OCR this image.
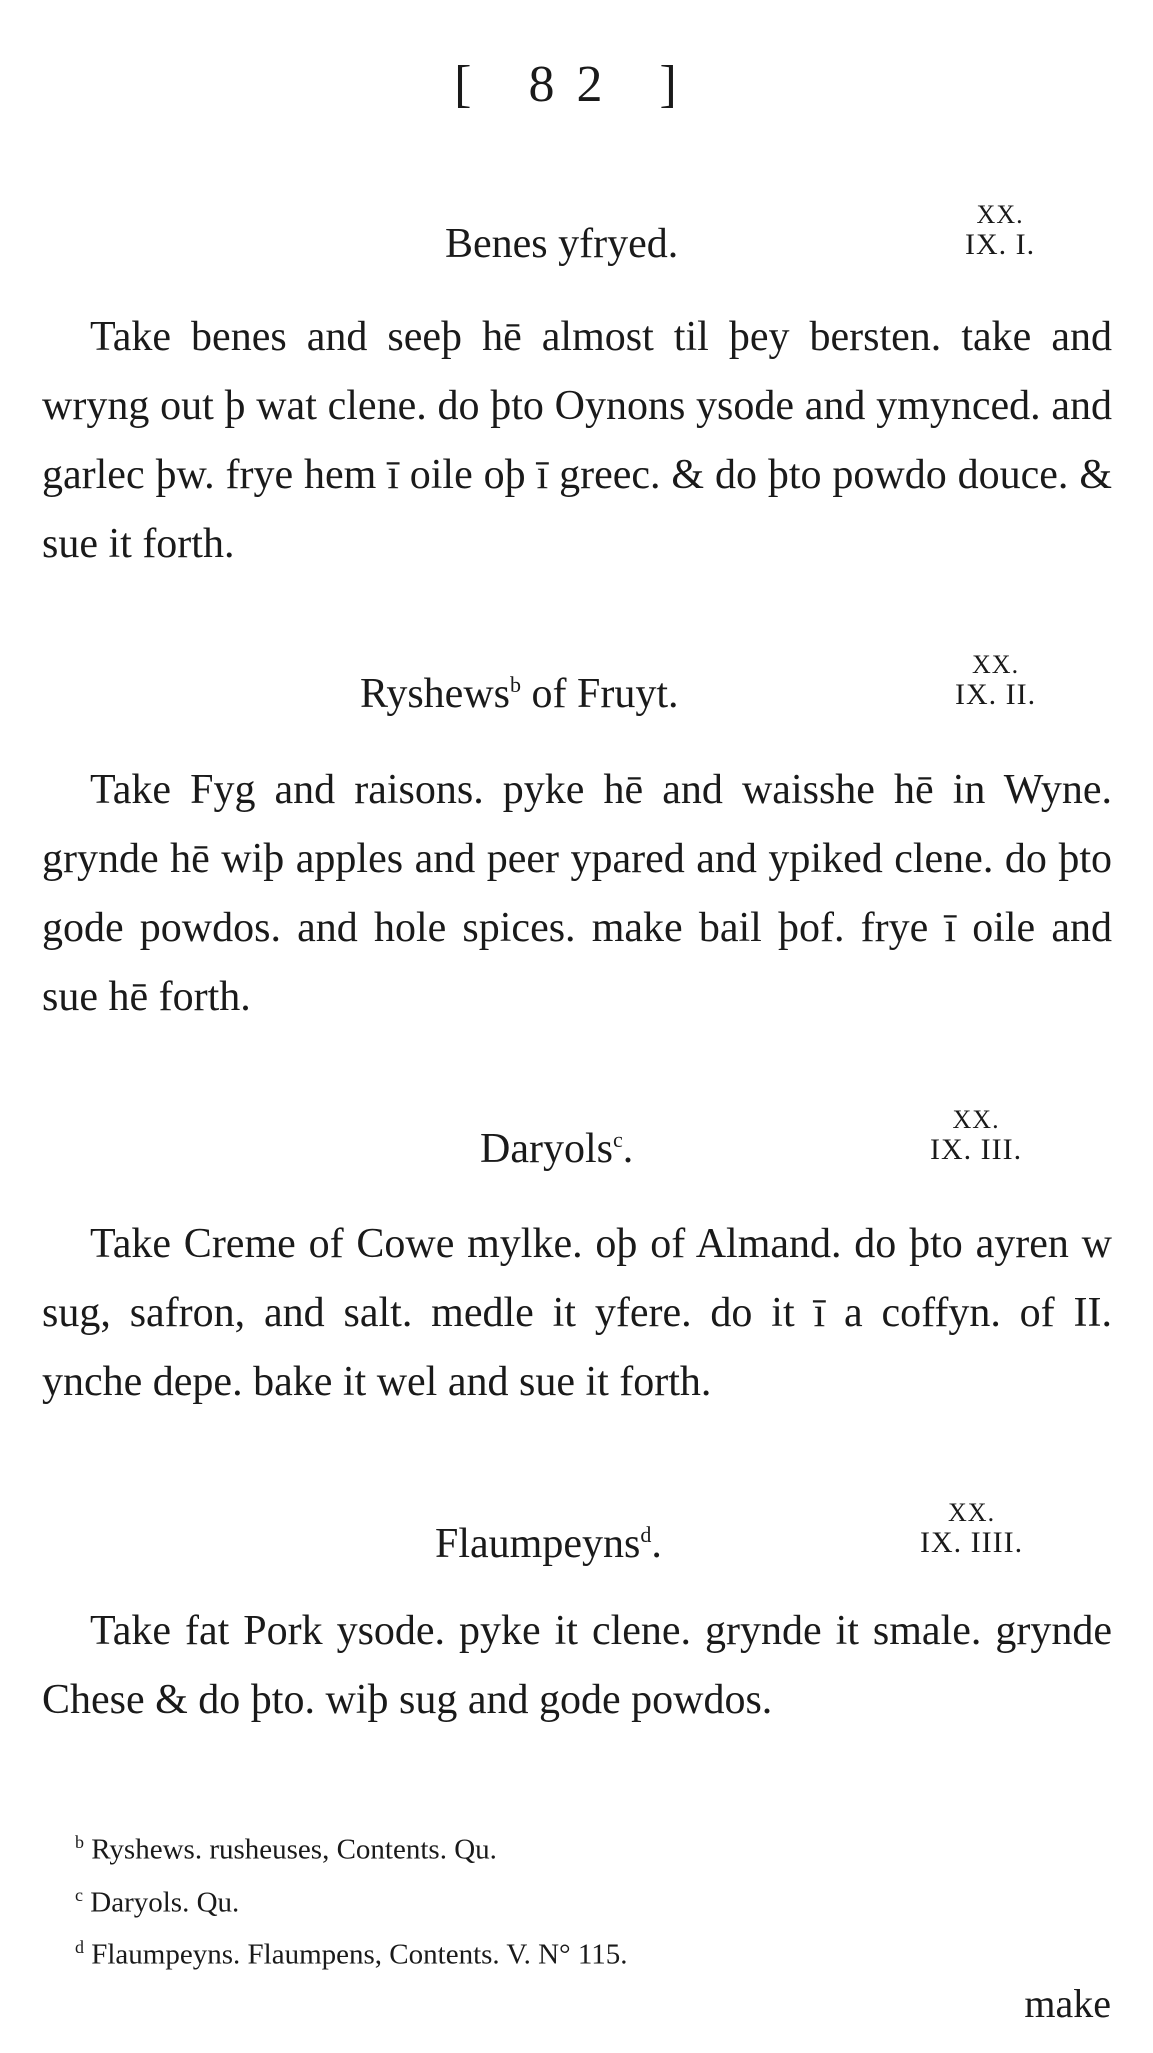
[ 82 ]
Benes yfryed.
XX.
IX. I.
Take benes and seeþ hē almost til þey bersten. take and wryng out þ wat clene. do þto Oynons ysode and ymynced. and garlec þw. frye hem ī oile oþ ī greec. & do þto powdo douce. & sue it forth.
Ryshews$^b$ of Fruyt.
XX.
IX. II.
Take Fyg and raisons. pyke hē and waisshe hē in Wyne. grynde hē wiþ apples and peer ypared and ypiked clene. do þto gode powdos. and hole spices. make bail þof. frye ī oile and sue hē forth.
Daryols$^c$.
XX.
IX. III.
Take Creme of Cowe mylke. oþ of Almand. do þto ayren w sug, safron, and salt. medle it yfere. do it ī a coffyn. of II. ynche depe. bake it wel and sue it forth.
Flaumpeyns$^d$.
XX.
IX. IIII.
Take fat Pork ysode. pyke it clene. grynde it smale. grynde Chese & do þto. wiþ sug and gode powdos.
$^b$ Ryshews. rusheuses, Contents. Qu.
$^c$ Daryols. Qu.
$^d$ Flaumpeyns. Flaumpens, Contents. V. N° 115.
make
